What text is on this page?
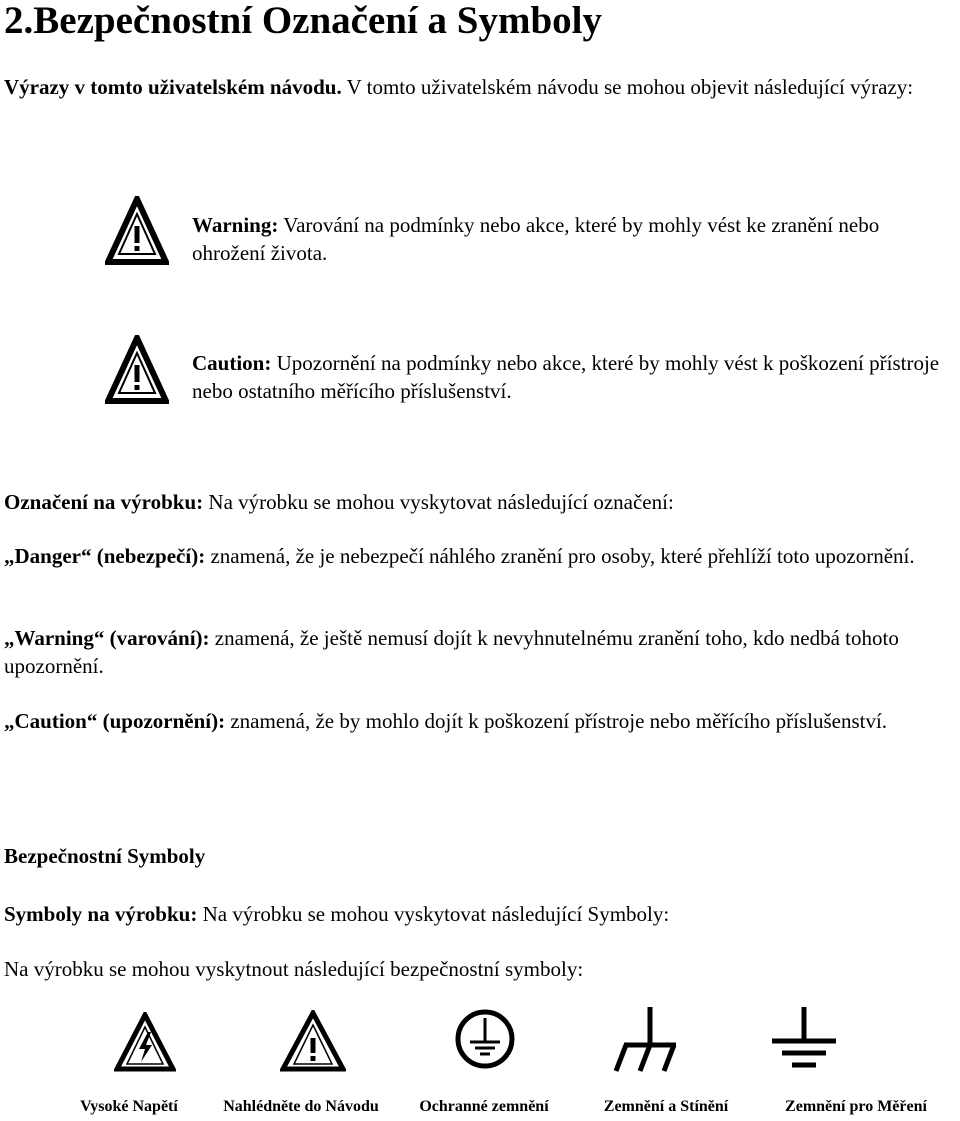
2.Bezpečnostní Označení a Symboly

Výrazy v tomto uživatelském návodu. V tomto uživatelském návodu se mohou objevit následující výrazy:

Warning: Varování na podmínky nebo akce, které by mohly vést ke zranění nebo ohrožení života.

Caution: Upozornění na podmínky nebo akce, které by mohly vést k poškození přístroje nebo ostatního měřícího příslušenství.

Označení na výrobku: Na výrobku se mohou vyskytovat následující označení:

„Danger“ (nebezpečí): znamená, že je nebezpečí náhlého zranění pro osoby, které přehlíží toto upozornění.

„Warning“ (varování): znamená, že ještě nemusí dojít k nevyhnutelnému zranění toho, kdo nedbá tohoto upozornění.

„Caution“ (upozornění): znamená, že by mohlo dojít k poškození přístroje nebo měřícího příslušenství.

Bezpečnostní Symboly

Symboly na výrobku: Na výrobku se mohou vyskytovat následující Symboly:

Na výrobku se mohou vyskytnout následující bezpečnostní symboly:

Vysoké Napětí	Nahlédněte do Návodu	Ochranné zemnění	Zemnění a Stínění	Zemnění pro Měření
